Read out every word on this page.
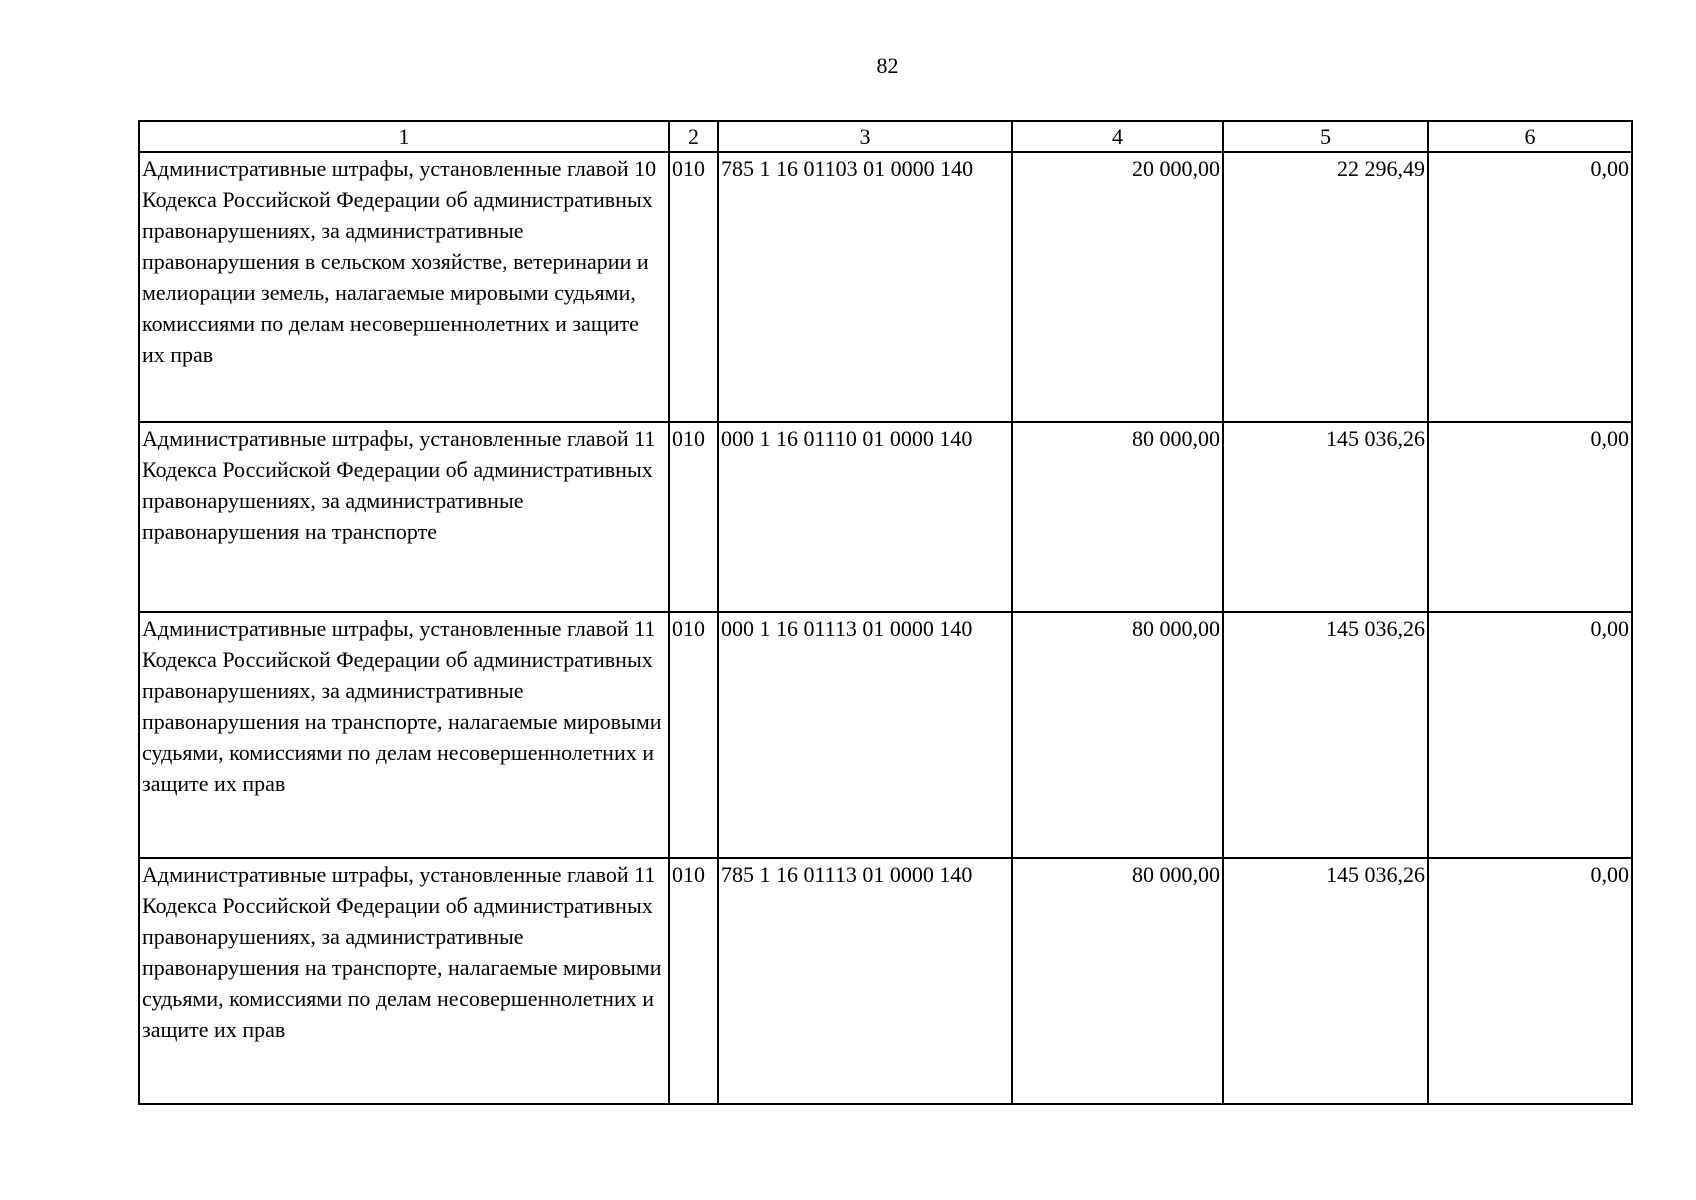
82
1	2	3	4	5	6
Административные штрафы, установленные главой 10 Кодекса Российской Федерации об административных правонарушениях, за административные правонарушения в сельском хозяйстве, ветеринарии и мелиорации земель, налагаемые мировыми судьями, комиссиями по делам несовершеннолетних и защите их прав	010	785 1 16 01103 01 0000 140	20 000,00	22 296,49	0,00
Административные штрафы, установленные главой 11 Кодекса Российской Федерации об административных правонарушениях, за административные правонарушения на транспорте	010	000 1 16 01110 01 0000 140	80 000,00	145 036,26	0,00
Административные штрафы, установленные главой 11 Кодекса Российской Федерации об административных правонарушениях, за административные правонарушения на транспорте, налагаемые мировыми судьями, комиссиями по делам несовершеннолетних и защите их прав	010	000 1 16 01113 01 0000 140	80 000,00	145 036,26	0,00
Административные штрафы, установленные главой 11 Кодекса Российской Федерации об административных правонарушениях, за административные правонарушения на транспорте, налагаемые мировыми судьями, комиссиями по делам несовершеннолетних и защите их прав	010	785 1 16 01113 01 0000 140	80 000,00	145 036,26	0,00
